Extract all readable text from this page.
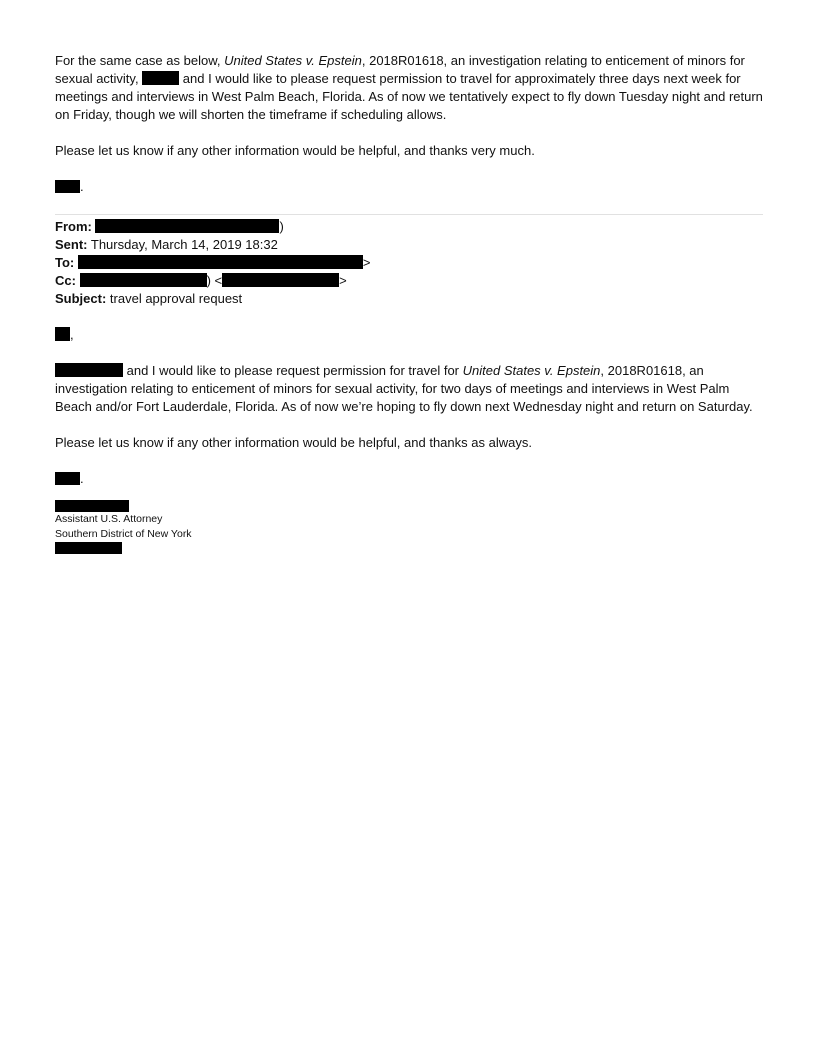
For the same case as below, United States v. Epstein, 2018R01618, an investigation relating to enticement of minors for sexual activity,	and I would like to please request permission to travel for approximately three days next week for meetings and interviews in West Palm Beach, Florida. As of now we tentatively expect to fly down Tuesday night and return on Friday, though we will shorten the timeframe if scheduling allows.

Please let us know if any other information would be helpful, and thanks very much.

.

From:	)

Sent: Thursday, March 14, 2019 18:32

To:	>

Cc:	) <	>

Subject: travel approval request

,

and I would like to please request permission for travel for United States v. Epstein, 2018R01618, an investigation relating to enticement of minors for sexual activity, for two days of meetings and interviews in West Palm Beach and/or Fort Lauderdale, Florida. As of now we’re hoping to fly down next Wednesday night and return on Saturday.

Please let us know if any other information would be helpful, and thanks as always.

.

Assistant U.S. Attorney

Southern District of New York
